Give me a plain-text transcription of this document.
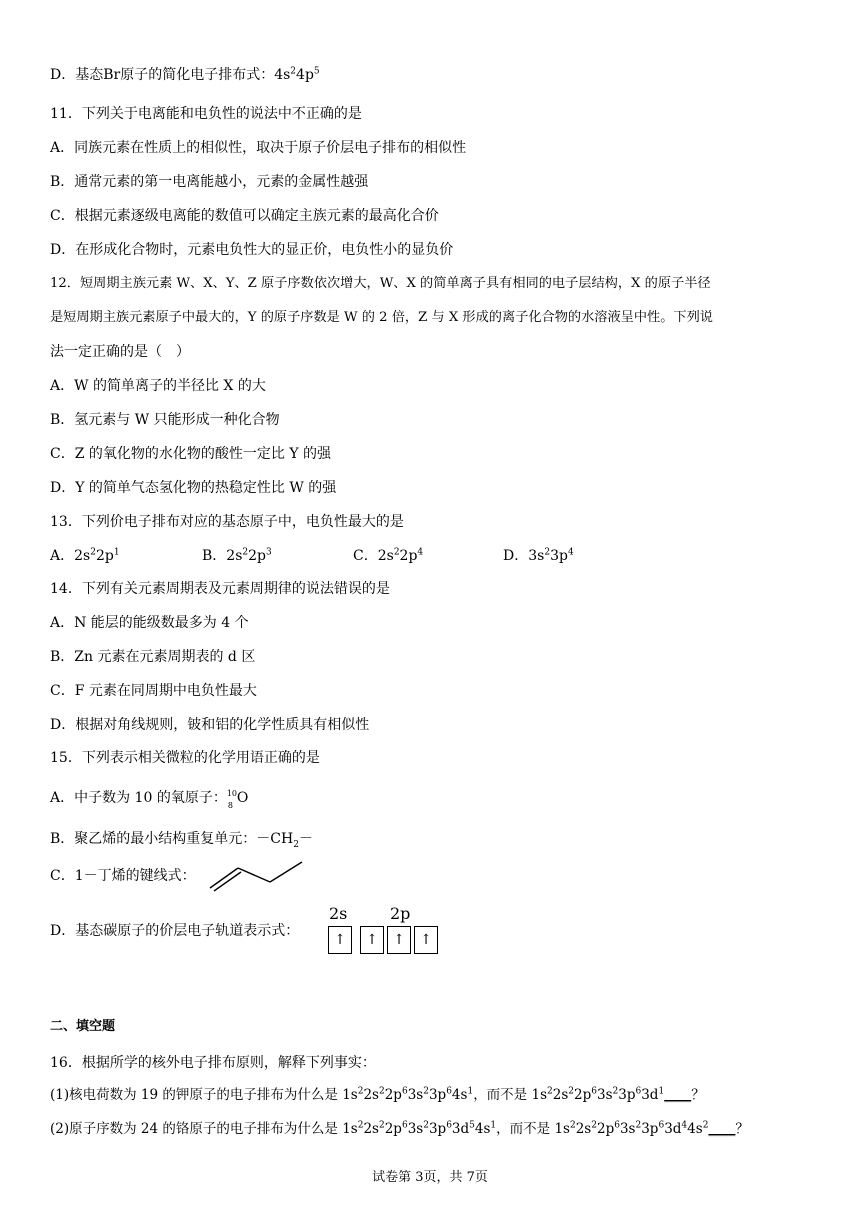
D．基态Br原子的简化电子排布式：$4s^24p^5$
11．下列关于电离能和电负性的说法中不正确的是
A．同族元素在性质上的相似性，取决于原子价层电子排布的相似性
B．通常元素的第一电离能越小，元素的金属性越强
C．根据元素逐级电离能的数值可以确定主族元素的最高化合价
D．在形成化合物时，元素电负性大的显正价，电负性小的显负价
12．短周期主族元素 W、X、Y、Z 原子序数依次增大，W、X 的简单离子具有相同的电子层结构，X 的原子半径
是短周期主族元素原子中最大的，Y 的原子序数是 W 的 2 倍，Z 与 X 形成的离子化合物的水溶液呈中性。下列说
法一定正确的是（　）
A．W 的简单离子的半径比 X 的大
B．氢元素与 W 只能形成一种化合物
C．Z 的氧化物的水化物的酸性一定比 Y 的强
D．Y 的简单气态氢化物的热稳定性比 W 的强
13．下列价电子排布对应的基态原子中，电负性最大的是
A．$2s^22p^1$	B．$2s^22p^3$	C．$2s^22p^4$	D．$3s^23p^4$
14．下列有关元素周期表及元素周期律的说法错误的是
A．N 能层的能级数最多为 4 个
B．Zn 元素在元素周期表的 d 区
C．F 元素在同周期中电负性最大
D．根据对角线规则，铍和铝的化学性质具有相似性
15．下列表示相关微粒的化学用语正确的是
A．中子数为 10 的氧原子： 10
8 O
B．聚乙烯的最小结构重复单元：$-CH_2-$
C．1－丁烯的键线式：
D．基态碳原子的价层电子轨道表示式：
2s	2p
↑	↑	↑	↑
二、填空题
16．根据所学的核外电子排布原则，解释下列事实：
(1)核电荷数为 19 的钾原子的电子排布为什么是 $1s^22s^22p^63s^23p^64s^1$，而不是 $1s^22s^22p^63s^23p^63d^1\_\_\_\_$？
(2)原子序数为 24 的铬原子的电子排布为什么是 $1s^22s^22p^63s^23p^63d^54s^1$，而不是 $1s^22s^22p^63s^23p^63d^44s^2\_\_\_\_$？
试卷第 3页，共 7页
